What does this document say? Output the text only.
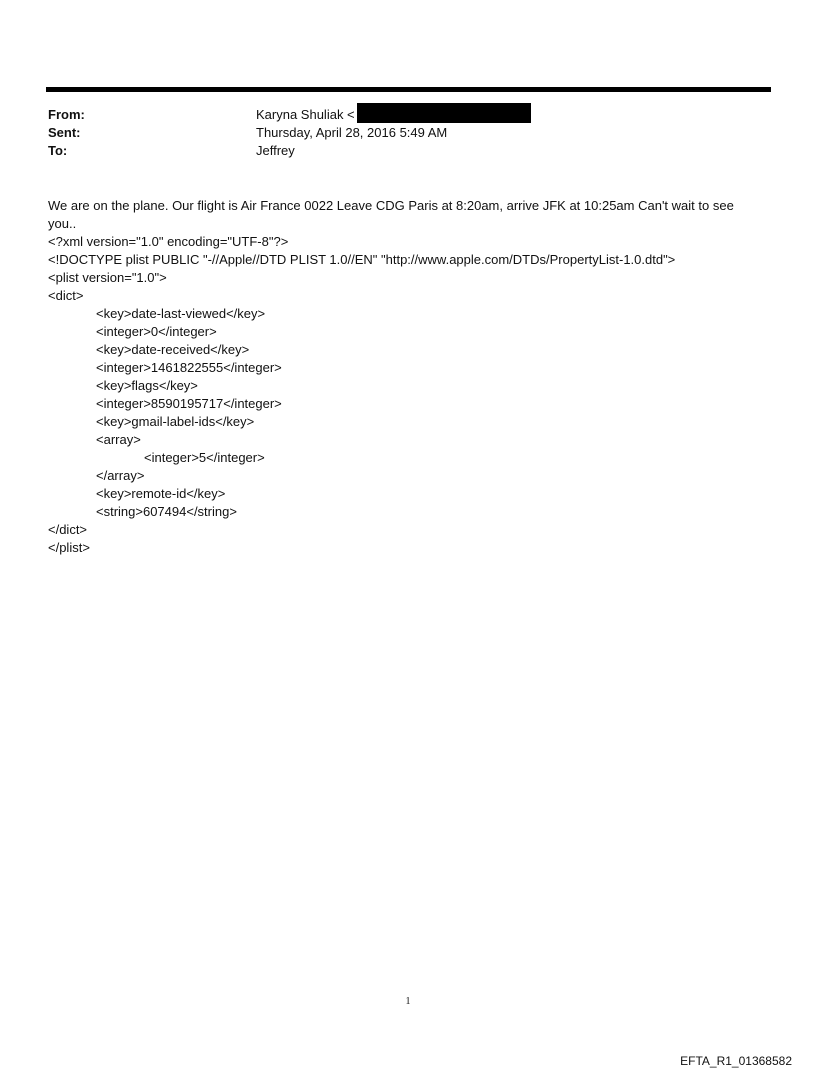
From:	Karyna Shuliak <
Sent:	Thursday, April 28, 2016 5:49 AM
To:	Jeffrey
We are on the plane. Our flight is Air France 0022 Leave CDG Paris at 8:20am, arrive JFK at 10:25am Can't wait to see you..
<?xml version="1.0" encoding="UTF-8"?>
<!DOCTYPE plist PUBLIC "-//Apple//DTD PLIST 1.0//EN" "http://www.apple.com/DTDs/PropertyList-1.0.dtd">
<plist version="1.0">
<dict>
<key>date-last-viewed</key>
<integer>0</integer>
<key>date-received</key>
<integer>1461822555</integer>
<key>flags</key>
<integer>8590195717</integer>
<key>gmail-label-ids</key>
<array>
<integer>5</integer>
</array>
<key>remote-id</key>
<string>607494</string>
</dict>
</plist>
1
EFTA_R1_01368582
